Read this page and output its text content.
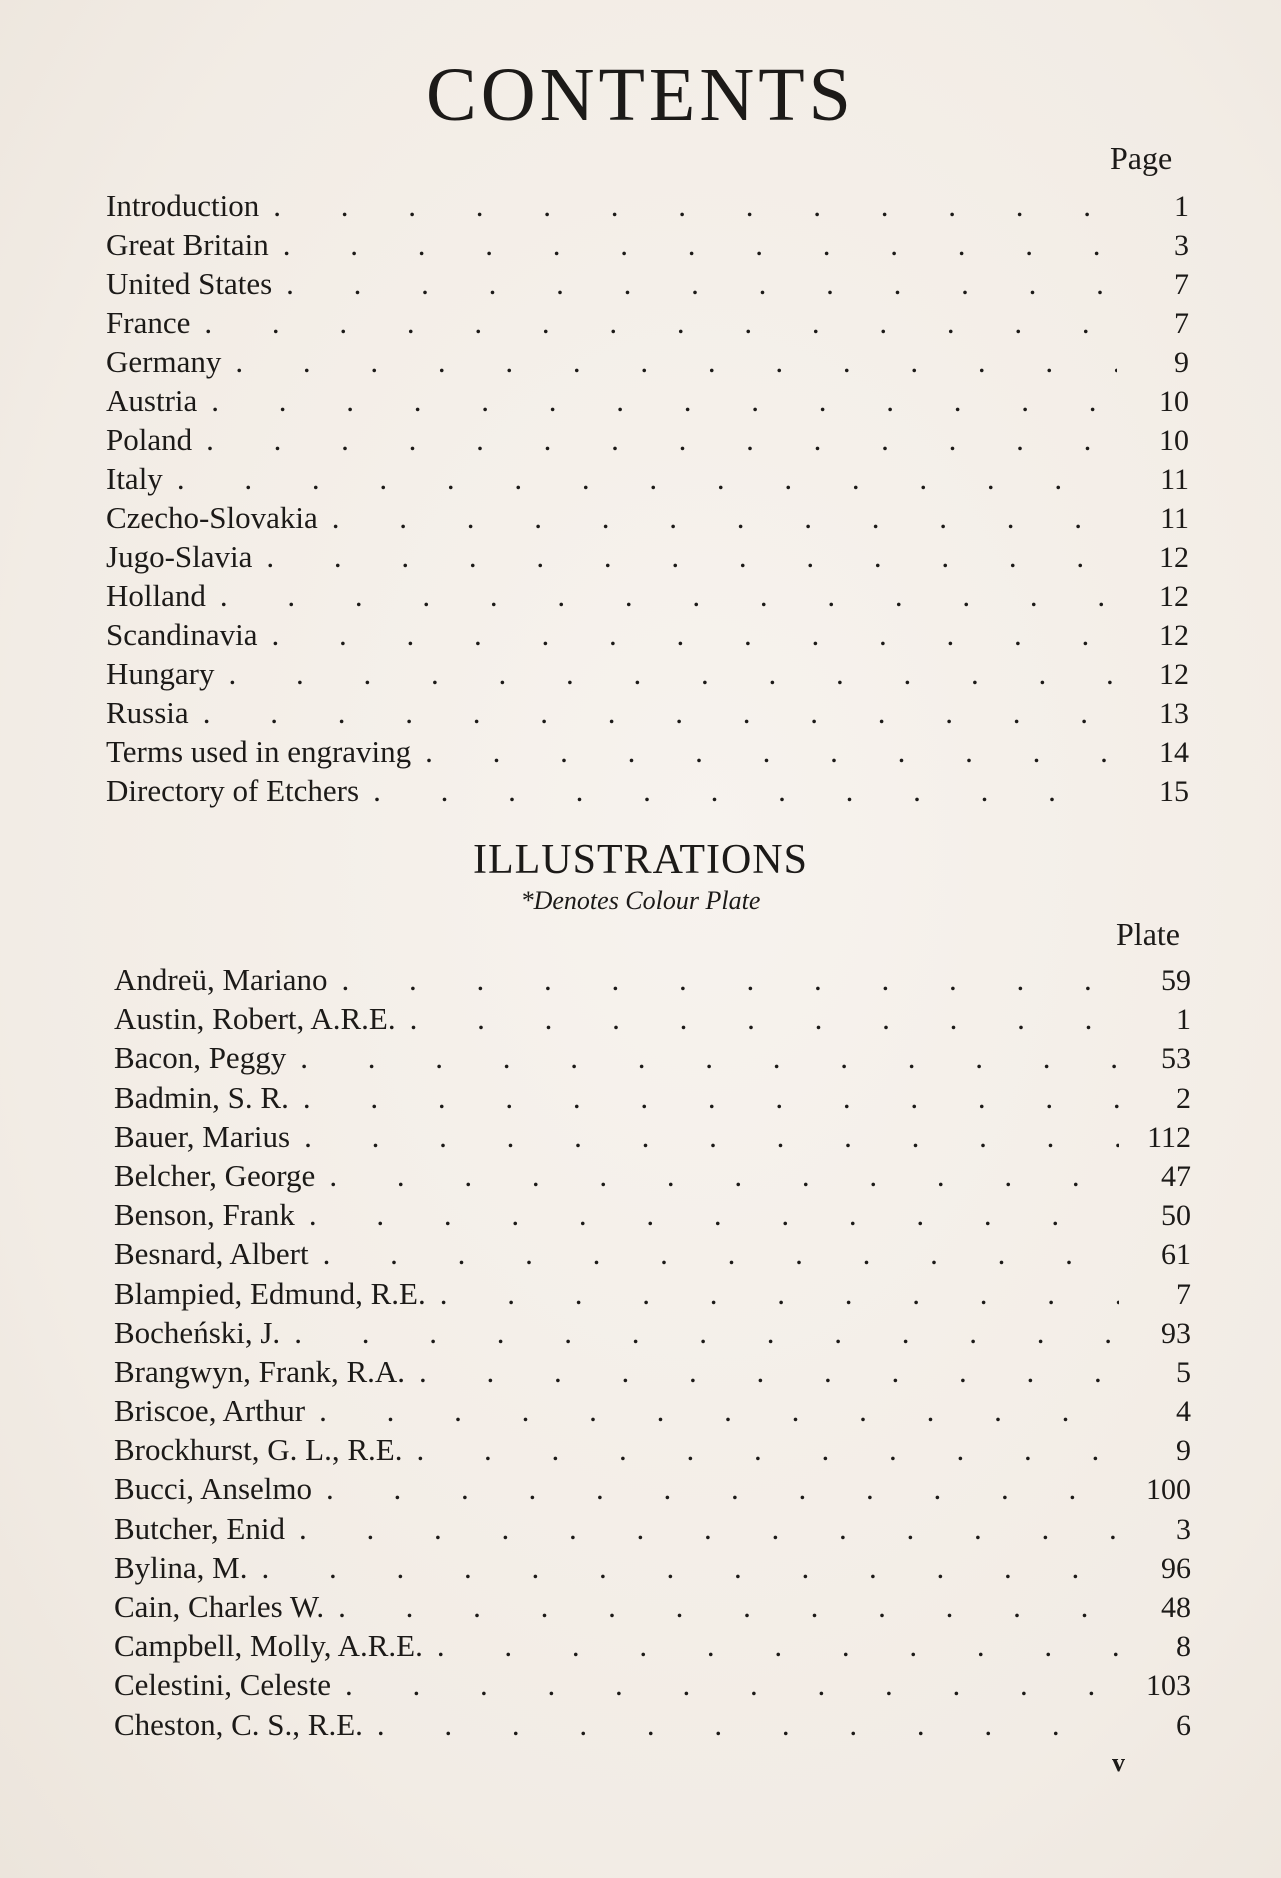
CONTENTS
Page
Introduction . . .	1
Great Britain . . .	3
United States . . .	7
France . . .	7
Germany . . .	9
Austria . . .	10
Poland . . .	10
Italy . . .	11
Czecho-Slovakia . . .	11
Jugo-Slavia . . .	12
Holland . . .	12
Scandinavia . . .	12
Hungary . . .	12
Russia . . .	13
Terms used in engraving . . .	14
Directory of Etchers . . .	15
ILLUSTRATIONS
*Denotes Colour Plate
Plate
Andreü, Mariano . . .	59
Austin, Robert, A.R.E. . . .	1
Bacon, Peggy . . .	53
Badmin, S. R. . . .	2
Bauer, Marius . . .	112
Belcher, George . . .	47
Benson, Frank . . .	50
Besnard, Albert . . .	61
Blampied, Edmund, R.E. . . .	7
Bocheński, J. . . .	93
Brangwyn, Frank, R.A. . . .	5
Briscoe, Arthur . . .	4
Brockhurst, G. L., R.E. . . .	9
Bucci, Anselmo . . .	100
Butcher, Enid . . .	3
Bylina, M. . . .	96
Cain, Charles W. . . .	48
Campbell, Molly, A.R.E. . . .	8
Celestini, Celeste . . .	103
Cheston, C. S., R.E. . . .	6
v
